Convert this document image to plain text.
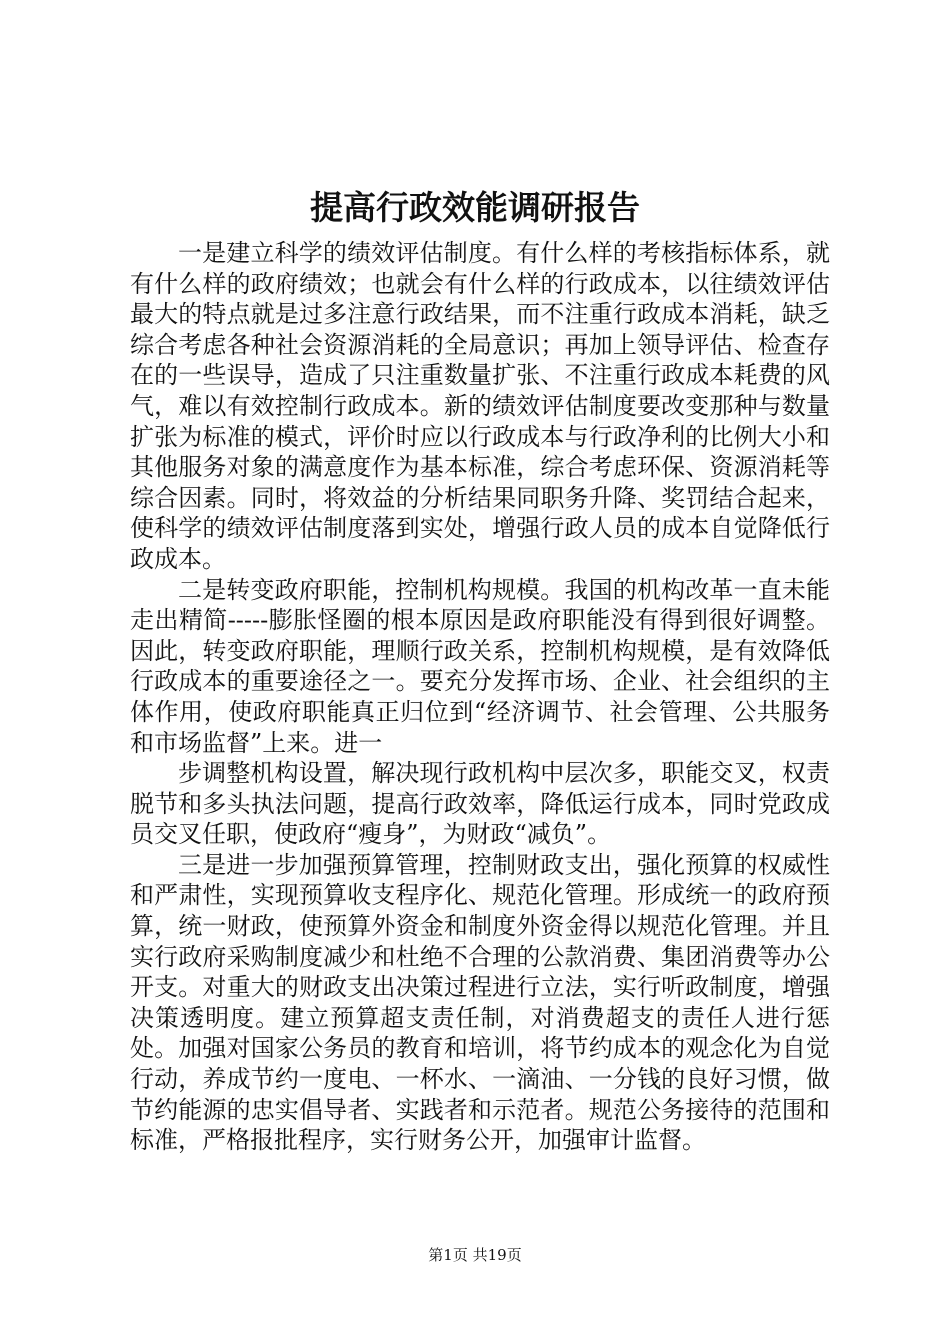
提高行政效能调研报告

一是建立科学的绩效评估制度。有什么样的考核指标体系，就有什么样的政府绩效；也就会有什么样的行政成本，以往绩效评估最大的特点就是过多注意行政结果，而不注重行政成本消耗，缺乏综合考虑各种社会资源消耗的全局意识；再加上领导评估、检查存在的一些误导，造成了只注重数量扩张、不注重行政成本耗费的风气，难以有效控制行政成本。新的绩效评估制度要改变那种与数量扩张为标准的模式，评价时应以行政成本与行政净利的比例大小和其他服务对象的满意度作为基本标准，综合考虑环保、资源消耗等综合因素。同时，将效益的分析结果同职务升降、奖罚结合起来，使科学的绩效评估制度落到实处，增强行政人员的成本自觉降低行政成本。

二是转变政府职能，控制机构规模。我国的机构改革一直未能走出精简-----膨胀怪圈的根本原因是政府职能没有得到很好调整。因此，转变政府职能，理顺行政关系，控制机构规模，是有效降低行政成本的重要途径之一。要充分发挥市场、企业、社会组织的主体作用，使政府职能真正归位到“经济调节、社会管理、公共服务和市场监督”上来。进一

步调整机构设置，解决现行政机构中层次多，职能交叉，权责脱节和多头执法问题，提高行政效率，降低运行成本，同时党政成员交叉任职，使政府“瘦身”，为财政“减负”。

三是进一步加强预算管理，控制财政支出，强化预算的权威性和严肃性，实现预算收支程序化、规范化管理。形成统一的政府预算，统一财政，使预算外资金和制度外资金得以规范化管理。并且实行政府采购制度减少和杜绝不合理的公款消费、集团消费等办公开支。对重大的财政支出决策过程进行立法，实行听政制度，增强决策透明度。建立预算超支责任制，对消费超支的责任人进行惩处。加强对国家公务员的教育和培训，将节约成本的观念化为自觉行动，养成节约一度电、一杯水、一滴油、一分钱的良好习惯，做节约能源的忠实倡导者、实践者和示范者。规范公务接待的范围和标准，严格报批程序，实行财务公开，加强审计监督。

第1页 共19页
